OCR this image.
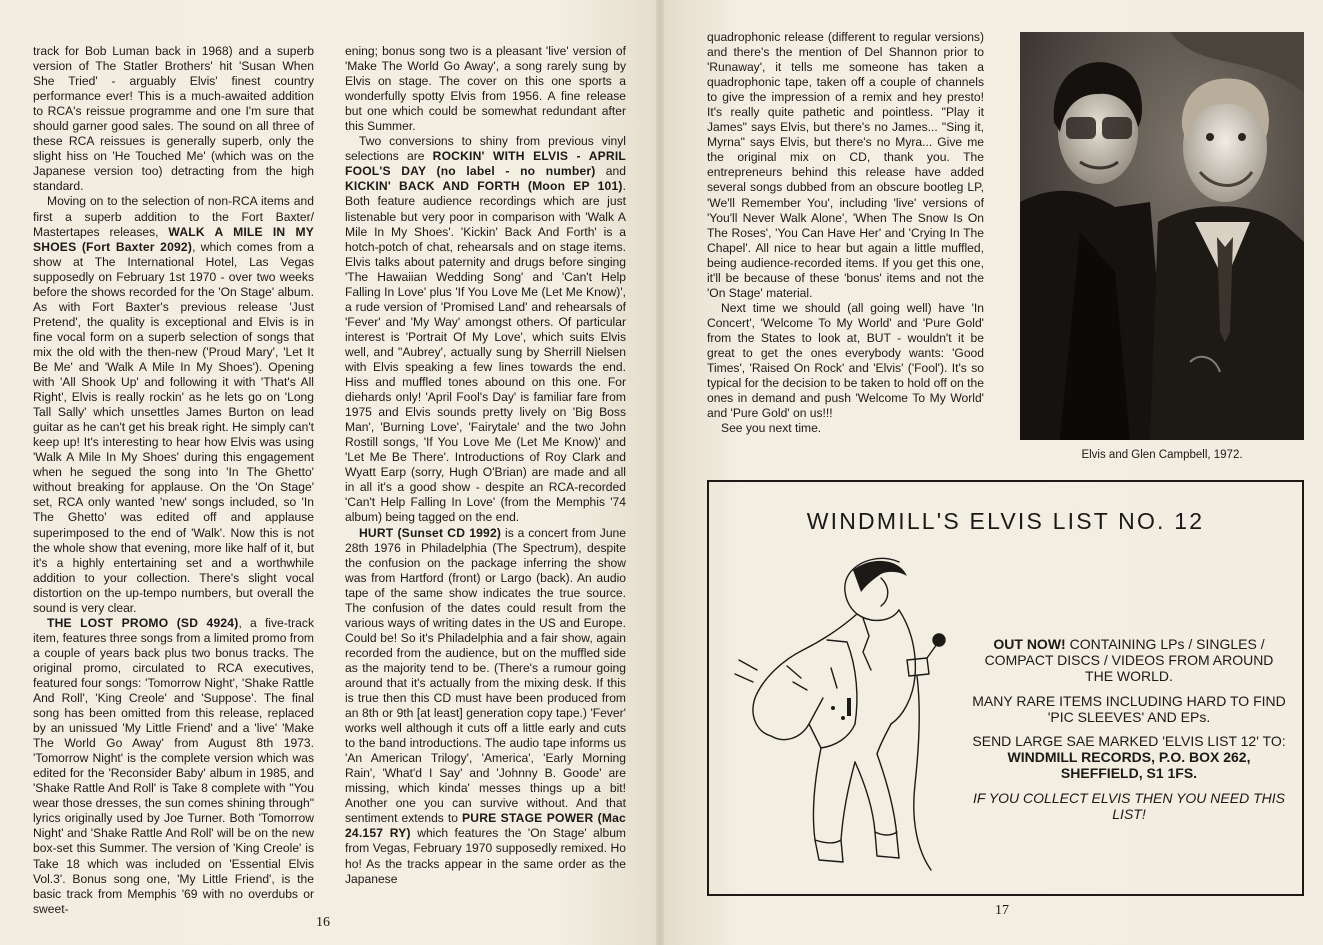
track for Bob Luman back in 1968) and a superb version of The Statler Brothers' hit 'Susan When She Tried' - arguably Elvis' finest country performance ever! This is a much-awaited addition to RCA's reissue programme and one I'm sure that should garner good sales. The sound on all three of these RCA reissues is generally superb, only the slight hiss on 'He Touched Me' (which was on the Japanese version too) detracting from the high standard.

Moving on to the selection of non-RCA items and first a superb addition to the Fort Baxter/ Mastertapes releases, WALK A MILE IN MY SHOES (Fort Baxter 2092), which comes from a show at The International Hotel, Las Vegas supposedly on February 1st 1970 - over two weeks before the shows recorded for the 'On Stage' album. As with Fort Baxter's previous release 'Just Pretend', the quality is exceptional and Elvis is in fine vocal form on a superb selection of songs that mix the old with the then-new ('Proud Mary', 'Let It Be Me' and 'Walk A Mile In My Shoes'). Opening with 'All Shook Up' and following it with 'That's All Right', Elvis is really rockin' as he lets go on 'Long Tall Sally' which unsettles James Burton on lead guitar as he can't get his break right. He simply can't keep up! It's interesting to hear how Elvis was using 'Walk A Mile In My Shoes' during this engagement when he segued the song into 'In The Ghetto' without breaking for applause. On the 'On Stage' set, RCA only wanted 'new' songs included, so 'In The Ghetto' was edited off and applause superimposed to the end of 'Walk'. Now this is not the whole show that evening, more like half of it, but it's a highly entertaining set and a worthwhile addition to your collection. There's slight vocal distortion on the up-tempo numbers, but overall the sound is very clear.

THE LOST PROMO (SD 4924), a five-track item, features three songs from a limited promo from a couple of years back plus two bonus tracks. The original promo, circulated to RCA executives, featured four songs: 'Tomorrow Night', 'Shake Rattle And Roll', 'King Creole' and 'Suppose'. The final song has been omitted from this release, replaced by an unissued 'My Little Friend' and a 'live' 'Make The World Go Away' from August 8th 1973. 'Tomorrow Night' is the complete version which was edited for the 'Reconsider Baby' album in 1985, and 'Shake Rattle And Roll' is Take 8 complete with "You wear those dresses, the sun comes shining through" lyrics originally used by Joe Turner. Both 'Tomorrow Night' and 'Shake Rattle And Roll' will be on the new box-set this Summer. The version of 'King Creole' is Take 18 which was included on 'Essential Elvis Vol.3'. Bonus song one, 'My Little Friend', is the basic track from Memphis '69 with no overdubs or sweet-

ening; bonus song two is a pleasant 'live' version of 'Make The World Go Away', a song rarely sung by Elvis on stage. The cover on this one sports a wonderfully spotty Elvis from 1956. A fine release but one which could be somewhat redundant after this Summer.

Two conversions to shiny from previous vinyl selections are ROCKIN' WITH ELVIS - APRIL FOOL'S DAY (no label - no number) and KICKIN' BACK AND FORTH (Moon EP 101). Both feature audience recordings which are just listenable but very poor in comparison with 'Walk A Mile In My Shoes'. 'Kickin' Back And Forth' is a hotch-potch of chat, rehearsals and on stage items. Elvis talks about paternity and drugs before singing 'The Hawaiian Wedding Song' and 'Can't Help Falling In Love' plus 'If You Love Me (Let Me Know)', a rude version of 'Promised Land' and rehearsals of 'Fever' and 'My Way' amongst others. Of particular interest is 'Portrait Of My Love', which suits Elvis well, and "Aubrey', actually sung by Sherrill Nielsen with Elvis speaking a few lines towards the end. Hiss and muffled tones abound on this one. For diehards only! 'April Fool's Day' is familiar fare from 1975 and Elvis sounds pretty lively on 'Big Boss Man', 'Burning Love', 'Fairytale' and the two John Rostill songs, 'If You Love Me (Let Me Know)' and 'Let Me Be There'. Introductions of Roy Clark and Wyatt Earp (sorry, Hugh O'Brian) are made and all in all it's a good show - despite an RCA-recorded 'Can't Help Falling In Love' (from the Memphis '74 album) being tagged on the end.

HURT (Sunset CD 1992) is a concert from June 28th 1976 in Philadelphia (The Spectrum), despite the confusion on the package inferring the show was from Hartford (front) or Largo (back). An audio tape of the same show indicates the true source. The confusion of the dates could result from the various ways of writing dates in the US and Europe. Could be! So it's Philadelphia and a fair show, again recorded from the audience, but on the muffled side as the majority tend to be. (There's a rumour going around that it's actually from the mixing desk. If this is true then this CD must have been produced from an 8th or 9th [at least] generation copy tape.) 'Fever' works well although it cuts off a little early and cuts to the band introductions. The audio tape informs us 'An American Trilogy', 'America', 'Early Morning Rain', 'What'd I Say' and 'Johnny B. Goode' are missing, which kinda' messes things up a bit! Another one you can survive without. And that sentiment extends to PURE STAGE POWER (Mac 24.157 RY) which features the 'On Stage' album from Vegas, February 1970 supposedly remixed. Ho ho! As the tracks appear in the same order as the Japanese

quadrophonic release (different to regular versions) and there's the mention of Del Shannon prior to 'Runaway', it tells me someone has taken a quadrophonic tape, taken off a couple of channels to give the impression of a remix and hey presto! It's really quite pathetic and pointless. "Play it James" says Elvis, but there's no James... "Sing it, Myrna" says Elvis, but there's no Myra... Give me the original mix on CD, thank you. The entrepreneurs behind this release have added several songs dubbed from an obscure bootleg LP, 'We'll Remember You', including 'live' versions of 'You'll Never Walk Alone', 'When The Snow Is On The Roses', 'You Can Have Her' and 'Crying In The Chapel'. All nice to hear but again a little muffled, being audience-recorded items. If you get this one, it'll be because of these 'bonus' items and not the 'On Stage' material.

Next time we should (all going well) have 'In Concert', 'Welcome To My World' and 'Pure Gold' from the States to look at, BUT - wouldn't it be great to get the ones everybody wants: 'Good Times', 'Raised On Rock' and 'Elvis' ('Fool'). It's so typical for the decision to be taken to hold off on the ones in demand and push 'Welcome To My World' and 'Pure Gold' on us!!!

See you next time.

16
17
Elvis and Glen Campbell, 1972.
WINDMILL'S ELVIS LIST NO. 12

OUT NOW! CONTAINING LPs / SINGLES / COMPACT DISCS / VIDEOS FROM AROUND THE WORLD.

MANY RARE ITEMS INCLUDING HARD TO FIND 'PIC SLEEVES' AND EPs.

SEND LARGE SAE MARKED 'ELVIS LIST 12' TO:

WINDMILL RECORDS, P.O. BOX 262, SHEFFIELD, S1 1FS.

IF YOU COLLECT ELVIS THEN YOU NEED THIS LIST!
